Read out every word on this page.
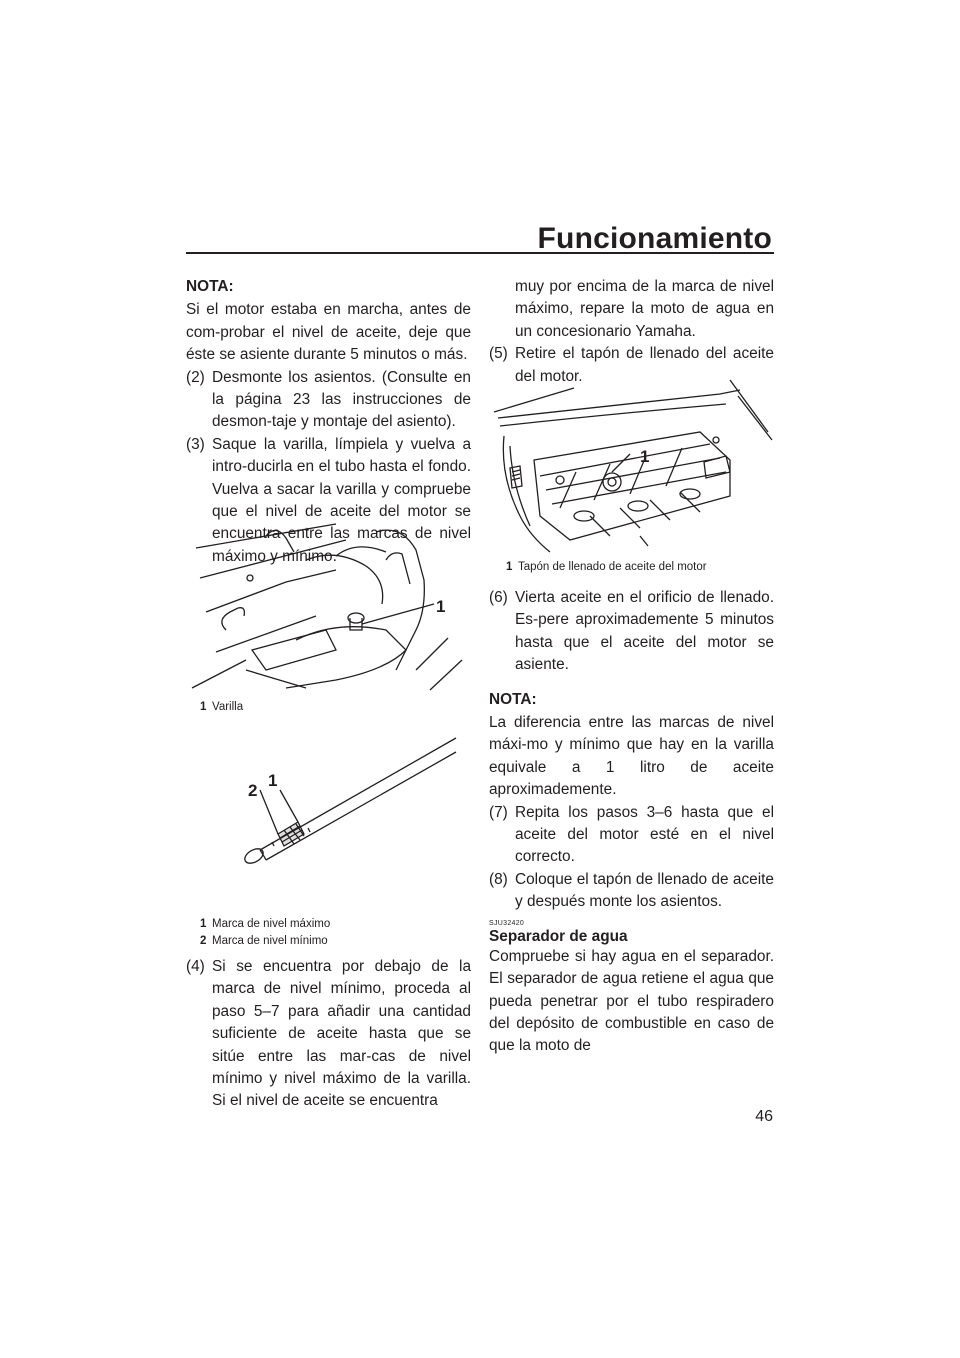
Funcionamiento
NOTA:

Si el motor estaba en marcha, antes de com-probar el nivel de aceite, deje que éste se asiente durante 5 minutos o más.

(2) Desmonte los asientos. (Consulte en la página 23 las instrucciones de desmon-taje y montaje del asiento).
(3) Saque la varilla, límpiela y vuelva a intro-ducirla en el tubo hasta el fondo. Vuelva a sacar la varilla y compruebe que el nivel de aceite del motor se encuentra entre las marcas de nivel máximo y mínimo.
1
1 Varilla
1
2
1 Marca de nivel máximo
2 Marca de nivel mínimo
(4) Si se encuentra por debajo de la marca de nivel mínimo, proceda al paso 5–7 para añadir una cantidad suficiente de aceite hasta que se sitúe entre las mar-cas de nivel mínimo y nivel máximo de la varilla. Si el nivel de aceite se encuentra

muy por encima de la marca de nivel máximo, repare la moto de agua en un concesionario Yamaha.

(5) Retire el tapón de llenado del aceite del motor.
1
1 Tapón de llenado de aceite del motor
(6) Vierta aceite en el orificio de llenado. Es-pere aproximademente 5 minutos hasta que el aceite del motor se asiente.
NOTA:

La diferencia entre las marcas de nivel máxi-mo y mínimo que hay en la varilla equivale a 1 litro de aceite aproximademente.

(7) Repita los pasos 3–6 hasta que el aceite del motor esté en el nivel correcto.
(8) Coloque el tapón de llenado de aceite y después monte los asientos.
SJU32420
Separador de agua

Compruebe si hay agua en el separador. El separador de agua retiene el agua que pueda penetrar por el tubo respiradero del depósito de combustible en caso de que la moto de

46
